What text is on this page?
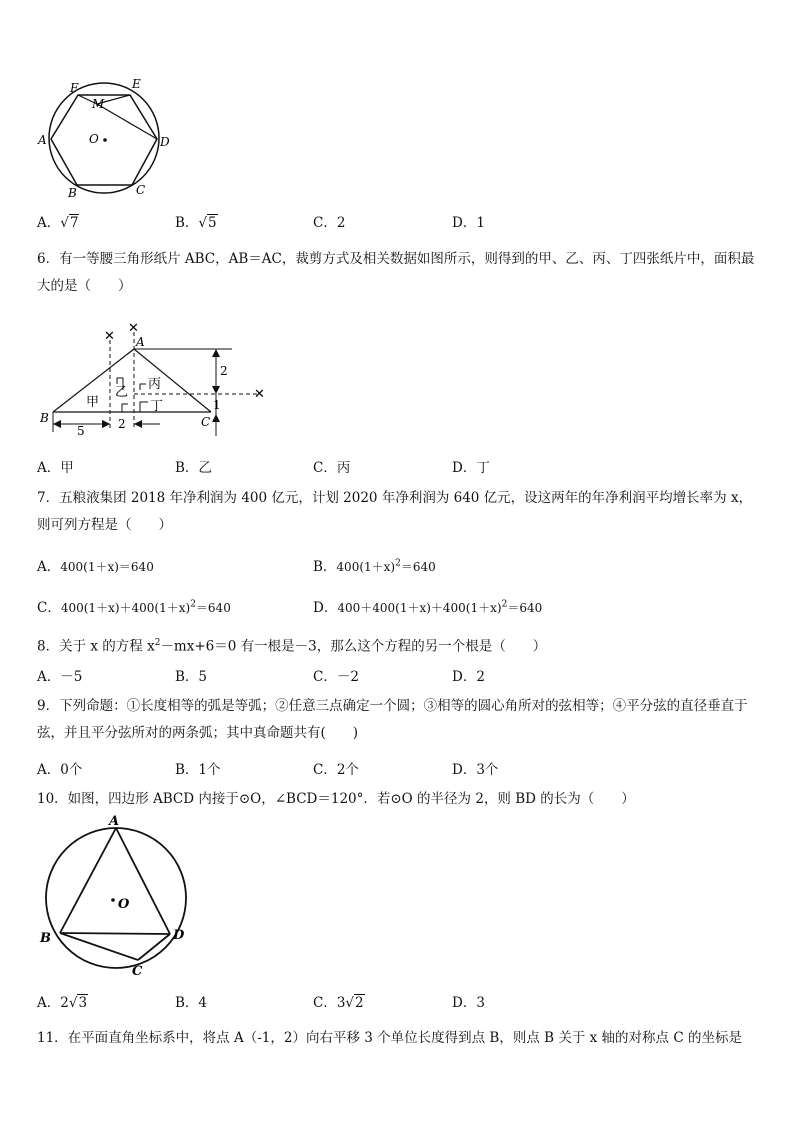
F	E
M
A	O	D
B	C
A．√7	B．√5	C．2	D．1
6．有一等腰三角形纸片 ABC，AB＝AC，裁剪方式及相关数据如图所示，则得到的甲、乙、丙、丁四张纸片中，面积最大的是（　　）
✕
✕
✕
A
B	C
甲
乙
丙
丁
2
1
5	2
A．甲	B．乙	C．丙	D．丁
7．五粮液集团 2018 年净利润为 400 亿元，计划 2020 年净利润为 640 亿元，设这两年的年净利润平均增长率为 x，则可列方程是（　　）
A．400(1＋x)＝640	B．$400(1+x)^2=640$
C．$400(1+x)+400(1+x)^2=640$	D．$400+400(1+x)+400(1+x)^2=640$
8．关于 x 的方程 $x^2-mx+6=0$ 有一根是－3，那么这个方程的另一个根是（　　）
A．－5	B．5	C．－2	D．2
9．下列命题：①长度相等的弧是等弧；②任意三点确定一个圆；③相等的圆心角所对的弦相等；④平分弦的直径垂直于弦，并且平分弦所对的两条弧；其中真命题共有(　　)
A．0个	B．1个	C．2个	D．3个
10．如图，四边形 ABCD 内接于⊙O，∠BCD＝120°．若⊙O 的半径为 2，则 BD 的长为（　　）
A
O
B	D
C
A．2√3	B．4	C．3√2	D．3
11．在平面直角坐标系中，将点 A（-1，2）向右平移 3 个单位长度得到点 B，则点 B 关于 x 轴的对称点 C 的坐标是
